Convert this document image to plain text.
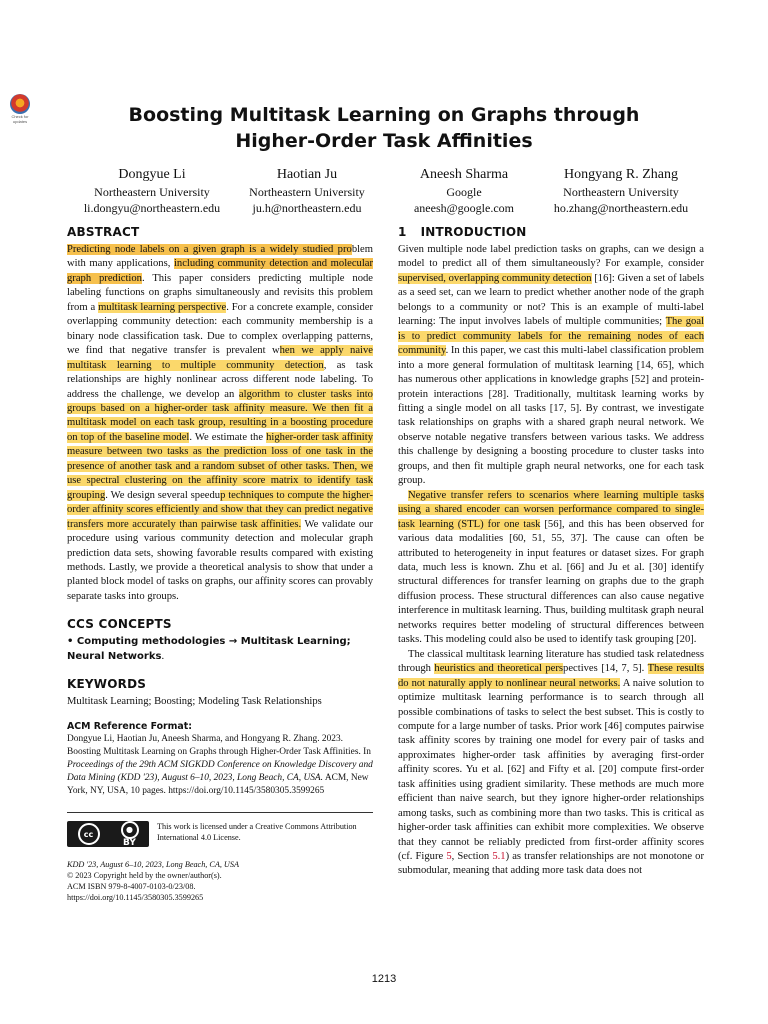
Check for updates	Boosting Multitask Learning on Graphs through
Higher-Order Task Affinities
Dongyue Li
Northeastern University
li.dongyu@northeastern.edu
Haotian Ju
Northeastern University
ju.h@northeastern.edu
Aneesh Sharma
Google
aneesh@google.com
Hongyang R. Zhang
Northeastern University
ho.zhang@northeastern.edu
ABSTRACT

Predicting node labels on a given graph is a widely studied problem with many applications, including community detection and molecular graph prediction. This paper considers predicting multiple node labeling functions on graphs simultaneously and revisits this problem from a multitask learning perspective. For a concrete example, consider overlapping community detection: each community membership is a binary node classification task. Due to complex overlapping patterns, we find that negative transfer is prevalent when we apply naive multitask learning to multiple community detection, as task relationships are highly nonlinear across different node labeling. To address the challenge, we develop an algorithm to cluster tasks into groups based on a higher-order task affinity measure. We then fit a multitask model on each task group, resulting in a boosting procedure on top of the baseline model. We estimate the higher-order task affinity measure between two tasks as the prediction loss of one task in the presence of another task and a random subset of other tasks. Then, we use spectral clustering on the affinity score matrix to identify task grouping. We design several speedup techniques to compute the higher-order affinity scores efficiently and show that they can predict negative transfers more accurately than pairwise task affinities. We validate our procedure using various community detection and molecular graph prediction data sets, showing favorable results compared with existing methods. Lastly, we provide a theoretical analysis to show that under a planted block model of tasks on graphs, our affinity scores can provably separate tasks into groups.

CCS CONCEPTS
• Computing methodologies → Multitask Learning; Neural Networks.
KEYWORDS
Multitask Learning; Boosting; Modeling Task Relationships
ACM Reference Format:
Dongyue Li, Haotian Ju, Aneesh Sharma, and Hongyang R. Zhang. 2023. Boosting Multitask Learning on Graphs through Higher-Order Task Affinities. In Proceedings of the 29th ACM SIGKDD Conference on Knowledge Discovery and Data Mining (KDD '23), August 6–10, 2023, Long Beach, CA, USA. ACM, New York, NY, USA, 10 pages. https://doi.org/10.1145/3580305.3599265
cc	●
BY
This work is licensed under a Creative Commons Attribution International 4.0 License.
KDD '23, August 6–10, 2023, Long Beach, CA, USA
© 2023 Copyright held by the owner/author(s).
ACM ISBN 979-8-4007-0103-0/23/08.
https://doi.org/10.1145/3580305.3599265
1 INTRODUCTION

Given multiple node label prediction tasks on graphs, can we design a model to predict all of them simultaneously? For example, consider supervised, overlapping community detection [16]: Given a set of labels as a seed set, can we learn to predict whether another node of the graph belongs to a community or not? This is an example of multi-label learning: The input involves labels of multiple communities; The goal is to predict community labels for the remaining nodes of each community. In this paper, we cast this multi-label classification problem into a more general formulation of multitask learning [14, 65], which has numerous other applications in knowledge graphs [52] and protein-protein interactions [28]. Traditionally, multitask learning works by fitting a single model on all tasks [17, 5]. By contrast, we investigate task relationships on graphs with a shared graph neural network. We observe notable negative transfers between various tasks. We address this challenge by designing a boosting procedure to cluster tasks into groups, and then fit multiple graph neural networks, one for each task group.

Negative transfer refers to scenarios where learning multiple tasks using a shared encoder can worsen performance compared to single-task learning (STL) for one task [56], and this has been observed for various data modalities [60, 51, 55, 37]. The cause can often be attributed to heterogeneity in input features or dataset sizes. For graph data, much less is known. Zhu et al. [66] and Ju et al. [30] identify structural differences for transfer learning on graphs due to the graph diffusion process. These structural differences can also cause negative interference in multitask learning. Thus, building multitask graph neural networks requires better modeling of structural differences between tasks. This modeling could also be used to identify task grouping [20].

The classical multitask learning literature has studied task relatedness through heuristics and theoretical perspectives [14, 7, 5]. These results do not naturally apply to nonlinear neural networks. A naive solution to optimize multitask learning performance is to search through all possible combinations of tasks to select the best subset. This is costly to compute for a large number of tasks. Prior work [46] computes pairwise task affinity scores by training one model for every pair of tasks and approximates higher-order task affinities by averaging first-order affinity scores. Yu et al. [62] and Fifty et al. [20] compute first-order task affinities using gradient similarity. These methods are much more efficient than naive search, but they ignore higher-order relationships among tasks, such as combining more than two tasks. This is critical as higher-order task affinities can exhibit more complexities. We observe that they cannot be reliably predicted from first-order affinity scores (cf. Figure 5, Section 5.1) as transfer relationships are not monotone or submodular, meaning that adding more task data does not

1213
